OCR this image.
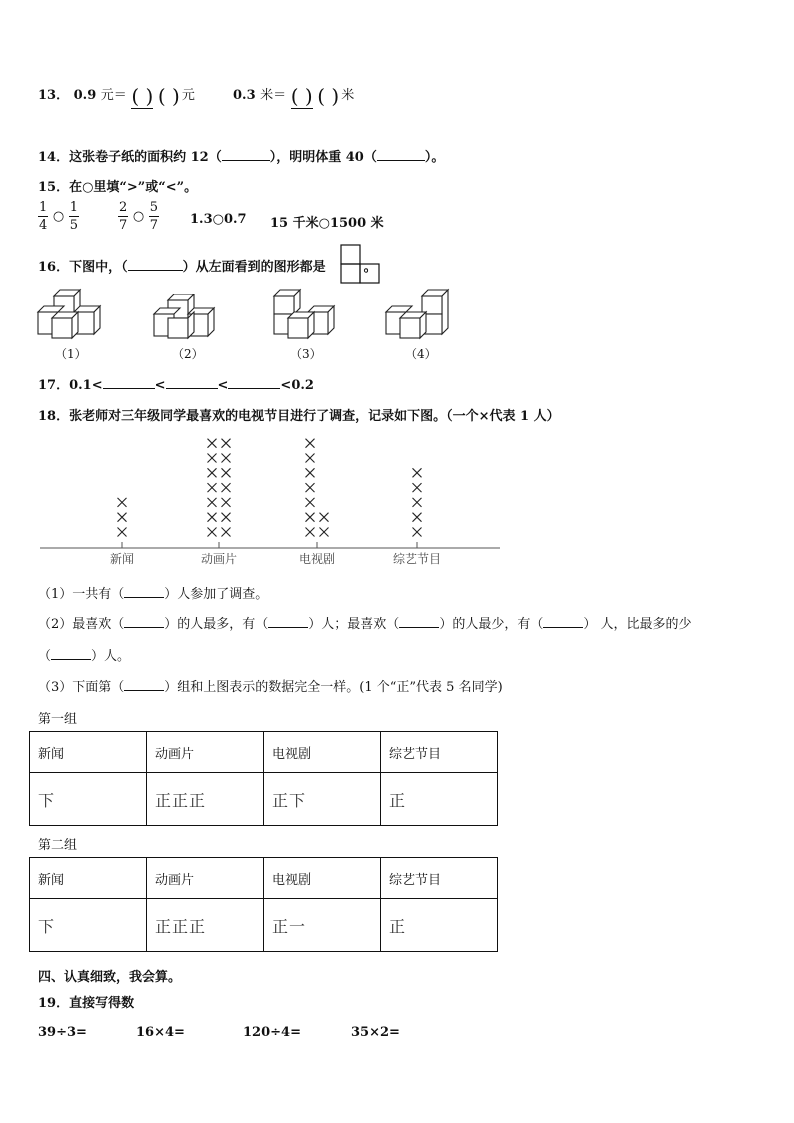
13． 0.9 元＝ ( ) ( ) 元	0.3 米＝ ( ) ( ) 米
14．这张卷子纸的面积约 12（	），明明体重 40（	）。
15．在○里填“>”或“<”。
$\frac{1}{4}$ ○ $\frac{1}{5}$	$\frac{2}{7}$ ○ $\frac{5}{7}$ 1.3○0.7 15 千米○1500 米
16．下图中，（	）从左面看到的图形都是	。
（1）	（2）	（3）	（4）
17．0.1<	<	<	<0.2
18．张老师对三年级同学最喜欢的电视节目进行了调查，记录如下图。（一个×代表 1 人）
新闻	动画片	电视剧	综艺节目
（1）一共有（	）人参加了调查。
（2）最喜欢（	）的人最多，有（	）人；最喜欢（	）的人最少，有（	） 人，比最多的少
（	）人。
（3）下面第（	）组和上图表示的数据完全一样。(1 个“正”代表 5 名同学)
第一组
新闻	动画片	电视剧	综艺节目
下	正正正	正下	正
第二组
新闻	动画片	电视剧	综艺节目
下	正正正	正一	正
四、认真细致，我会算。
19．直接写得数
39÷3=	16×4=	120÷4=	35×2=
